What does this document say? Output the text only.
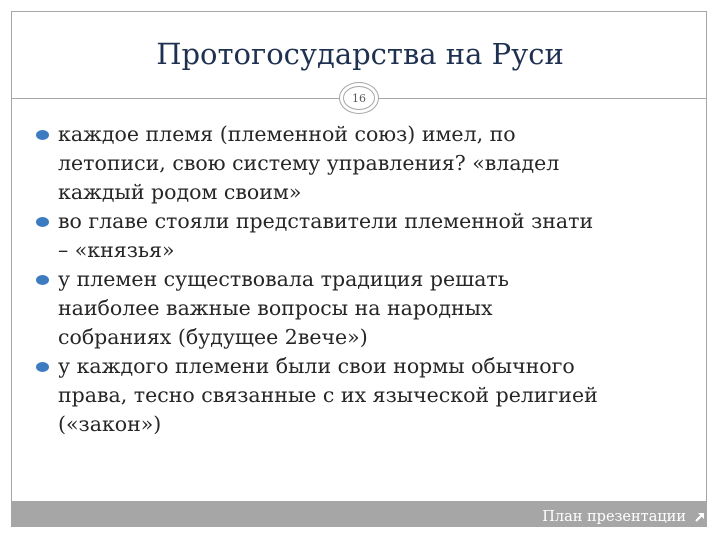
Протогосударства на Руси
16
каждое племя (племенной союз) имел, по
летописи, свою систему управления? «владел
каждый родом своим»
во главе стояли представители племенной знати
– «князья»
у племен существовала традиция решать
наиболее важные вопросы на народных
собраниях (будущее 2вече»)
у каждого племени были свои нормы обычного
права, тесно связанные с их языческой религией
(«закон»)
План презентации
